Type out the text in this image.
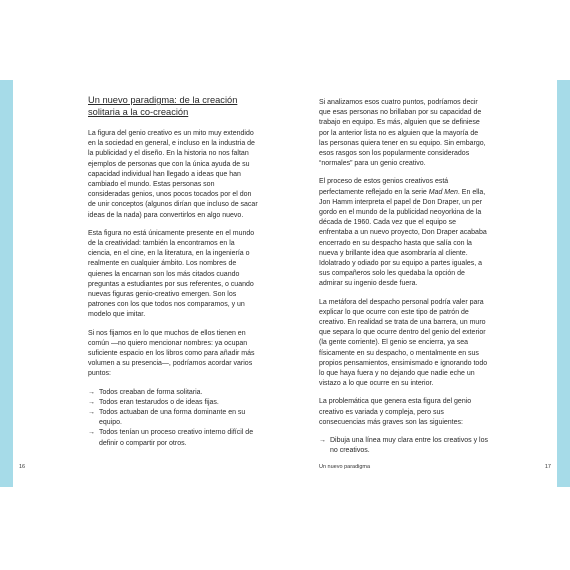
Un nuevo paradigma: de la creación
solitaria a la co-creación

La figura del genio creativo es un mito muy extendido en la sociedad en general, e incluso en la industria de la publicidad y el diseño. En la historia no nos faltan ejemplos de personas que con la única ayuda de su capacidad individual han llegado a ideas que han cambiado el mundo. Estas personas son consideradas genios, unos pocos tocados por el don de unir conceptos (algunos dirían que incluso de sacar ideas de la nada) para convertirlos en algo nuevo.

Esta figura no está únicamente presente en el mundo de la creatividad: también la encontramos en la ciencia, en el cine, en la literatura, en la ingeniería o realmente en cualquier ámbito. Los nombres de quienes la encarnan son los más citados cuando preguntas a estudiantes por sus referentes, o cuando nuevas figuras genio-creativo emergen. Son los patrones con los que todos nos comparamos, y un modelo que imitar.

Si nos fijamos en lo que muchos de ellos tienen en común —no quiero mencionar nombres: ya ocupan suficiente espacio en los libros como para añadir más volumen a su presencia—, podríamos acordar varios puntos:

→ Todos creaban de forma solitaria.
→ Todos eran testarudos o de ideas fijas.
→ Todos actuaban de una forma dominante en su equipo.
→ Todos tenían un proceso creativo interno difícil de definir o compartir por otros.
16

Si analizamos esos cuatro puntos, podríamos decir que esas personas no brillaban por su capacidad de trabajo en equipo. Es más, alguien que se definiese por la anterior lista no es alguien que la mayoría de las personas quiera tener en su equipo. Sin embargo, esos rasgos son los popularmente considerados “normales” para un genio creativo.

El proceso de estos genios creativos está perfectamente reflejado en la serie Mad Men. En ella, Jon Hamm interpreta el papel de Don Draper, un per gordo en el mundo de la publicidad neoyorkina de la década de 1960. Cada vez que el equipo se enfrentaba a un nuevo proyecto, Don Draper acababa encerrado en su despacho hasta que salía con la nueva y brillante idea que asombraría al cliente. Idolatrado y odiado por su equipo a partes iguales, a sus compañeros solo les quedaba la opción de admirar su ingenio desde fuera.

La metáfora del despacho personal podría valer para explicar lo que ocurre con este tipo de patrón de creativo. En realidad se trata de una barrera, un muro que separa lo que ocurre dentro del genio del exterior (la gente corriente). El genio se encierra, ya sea físicamente en su despacho, o mentalmente en sus propios pensamientos, ensimismado e ignorando todo lo que haya fuera y no dejando que nadie eche un vistazo a lo que ocurre en su interior.

La problemática que genera esta figura del genio creativo es variada y compleja, pero sus consecuencias más graves son las siguientes:

→ Dibuja una línea muy clara entre los creativos y los no creativos.
Un nuevo paradigma	17
